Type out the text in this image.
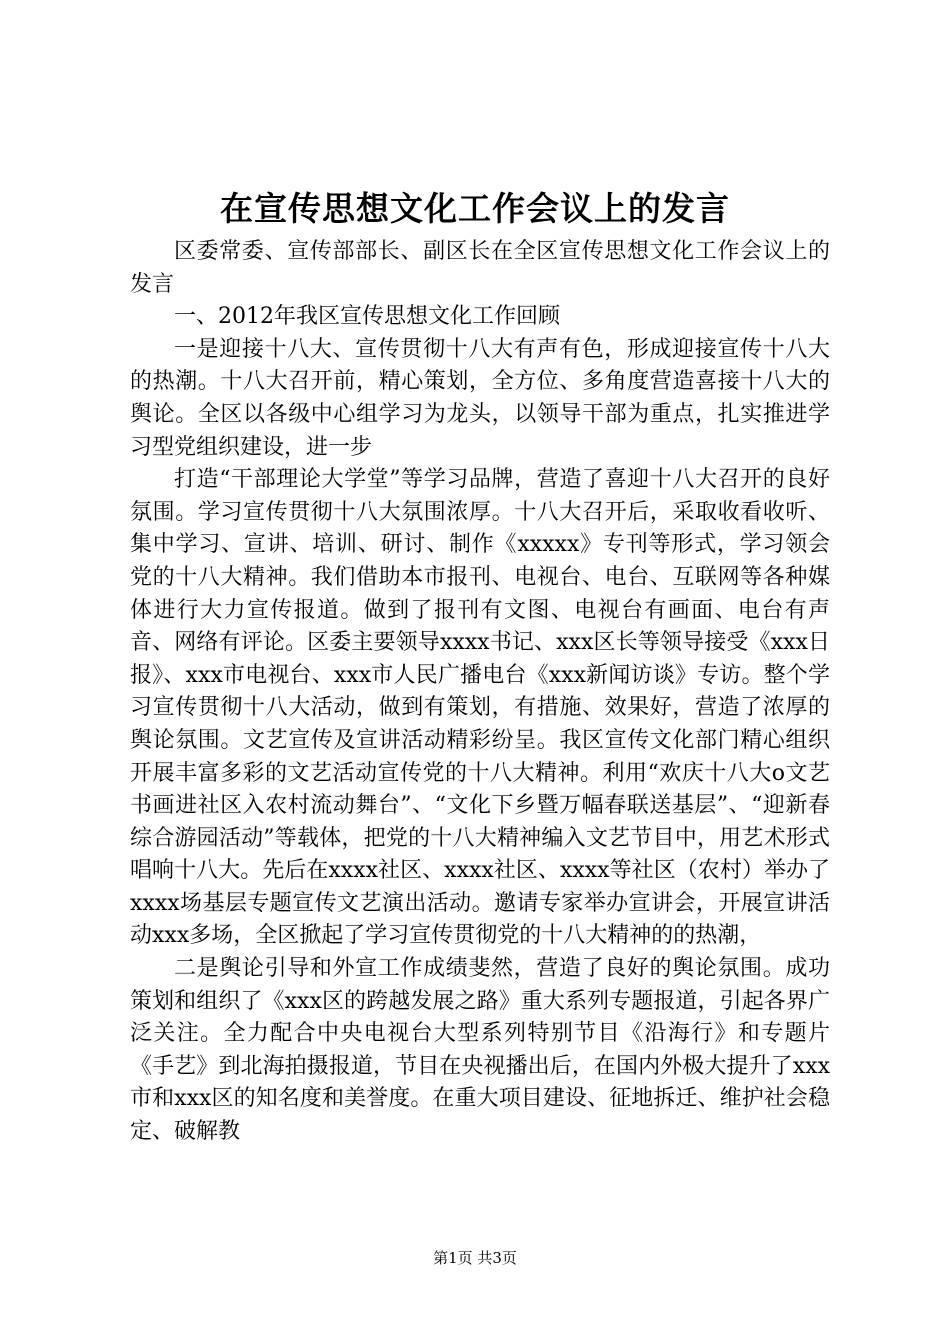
在宣传思想文化工作会议上的发言

区委常委、宣传部部长、副区长在全区宣传思想文化工作会议上的发言

一、2012年我区宣传思想文化工作回顾

一是迎接十八大、宣传贯彻十八大有声有色，形成迎接宣传十八大的热潮。十八大召开前，精心策划，全方位、多角度营造喜接十八大的舆论。全区以各级中心组学习为龙头，以领导干部为重点，扎实推进学习型党组织建设，进一步

打造“干部理论大学堂”等学习品牌，营造了喜迎十八大召开的良好氛围。学习宣传贯彻十八大氛围浓厚。十八大召开后，采取收看收听、集中学习、宣讲、培训、研讨、制作《xxxxx》专刊等形式，学习领会党的十八大精神。我们借助本市报刊、电视台、电台、互联网等各种媒体进行大力宣传报道。做到了报刊有文图、电视台有画面、电台有声音、网络有评论。区委主要领导xxxx书记、xxx区长等领导接受《xxx日报》、xxx市电视台、xxx市人民广播电台《xxx新闻访谈》专访。整个学习宣传贯彻十八大活动，做到有策划，有措施、效果好，营造了浓厚的舆论氛围。文艺宣传及宣讲活动精彩纷呈。我区宣传文化部门精心组织开展丰富多彩的文艺活动宣传党的十八大精神。利用“欢庆十八大o文艺书画进社区入农村流动舞台”、“文化下乡暨万幅春联送基层”、“迎新春综合游园活动”等载体，把党的十八大精神编入文艺节目中，用艺术形式唱响十八大。先后在xxxx社区、xxxx社区、xxxx等社区（农村）举办了xxxx场基层专题宣传文艺演出活动。邀请专家举办宣讲会，开展宣讲活动xxx多场，全区掀起了学习宣传贯彻党的十八大精神的的热潮，

二是舆论引导和外宣工作成绩斐然，营造了良好的舆论氛围。成功策划和组织了《xxx区的跨越发展之路》重大系列专题报道，引起各界广泛关注。全力配合中央电视台大型系列特别节目《沿海行》和专题片《手艺》到北海拍摄报道，节目在央视播出后，在国内外极大提升了xxx市和xxx区的知名度和美誉度。在重大项目建设、征地拆迁、维护社会稳定、破解教

第1页 共3页
